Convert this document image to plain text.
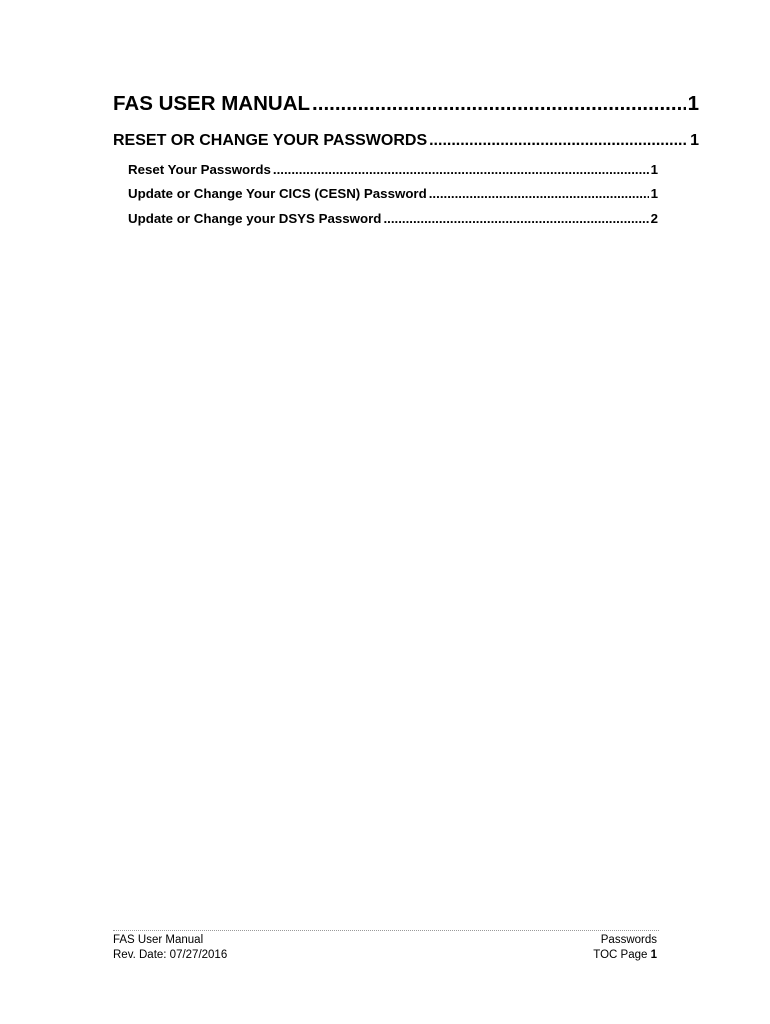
FAS USER MANUAL .....	1
RESET OR CHANGE YOUR PASSWORDS .....	1
Reset Your Passwords .....	1
Update or Change Your CICS (CESN) Password .....	1
Update or Change your DSYS Password .....	2
FAS User Manual
Rev. Date: 07/27/2016
Passwords
TOC Page 1
